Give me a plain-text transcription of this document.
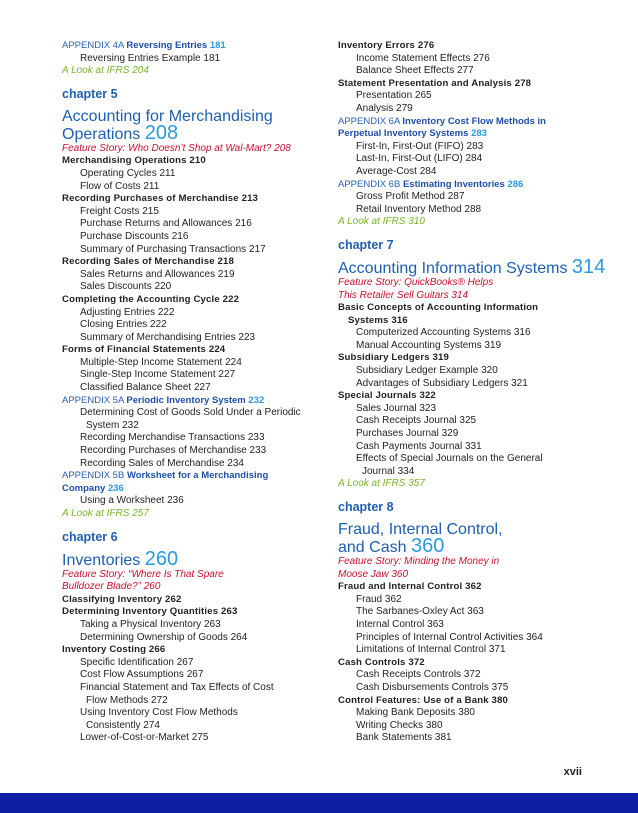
APPENDIX 4A Reversing Entries 181
Reversing Entries Example 181
A Look at IFRS 204
chapter 5
Accounting for Merchandising
Operations 208
Feature Story: Who Doesn’t Shop at Wal-Mart? 208
Merchandising Operations 210
Operating Cycles 211
Flow of Costs 211
Recording Purchases of Merchandise 213
Freight Costs 215
Purchase Returns and Allowances 216
Purchase Discounts 216
Summary of Purchasing Transactions 217
Recording Sales of Merchandise 218
Sales Returns and Allowances 219
Sales Discounts 220
Completing the Accounting Cycle 222
Adjusting Entries 222
Closing Entries 222
Summary of Merchandising Entries 223
Forms of Financial Statements 224
Multiple-Step Income Statement 224
Single-Step Income Statement 227
Classified Balance Sheet 227
APPENDIX 5A Periodic Inventory System 232
Determining Cost of Goods Sold Under a Periodic
System 232
Recording Merchandise Transactions 233
Recording Purchases of Merchandise 233
Recording Sales of Merchandise 234
APPENDIX 5B Worksheet for a Merchandising
Company 236
Using a Worksheet 236
A Look at IFRS 257
chapter 6
Inventories 260
Feature Story: “Where Is That Spare
Bulldozer Blade?” 260
Classifying Inventory 262
Determining Inventory Quantities 263
Taking a Physical Inventory 263
Determining Ownership of Goods 264
Inventory Costing 266
Specific Identification 267
Cost Flow Assumptions 267
Financial Statement and Tax Effects of Cost
Flow Methods 272
Using Inventory Cost Flow Methods
Consistently 274
Lower-of-Cost-or-Market 275
Inventory Errors 276
Income Statement Effects 276
Balance Sheet Effects 277
Statement Presentation and Analysis 278
Presentation 265
Analysis 279
APPENDIX 6A Inventory Cost Flow Methods in
Perpetual Inventory Systems 283
First-In, First-Out (FIFO) 283
Last-In, First-Out (LIFO) 284
Average-Cost 284
APPENDIX 6B Estimating Inventories 286
Gross Profit Method 287
Retail Inventory Method 288
A Look at IFRS 310
chapter 7
Accounting Information Systems 314
Feature Story: QuickBooks® Helps
This Retailer Sell Guitars 314
Basic Concepts of Accounting Information
Systems 316
Computerized Accounting Systems 316
Manual Accounting Systems 319
Subsidiary Ledgers 319
Subsidiary Ledger Example 320
Advantages of Subsidiary Ledgers 321
Special Journals 322
Sales Journal 323
Cash Receipts Journal 325
Purchases Journal 329
Cash Payments Journal 331
Effects of Special Journals on the General
Journal 334
A Look at IFRS 357
chapter 8
Fraud, Internal Control,
and Cash 360
Feature Story: Minding the Money in
Moose Jaw 360
Fraud and Internal Control 362
Fraud 362
The Sarbanes-Oxley Act 363
Internal Control 363
Principles of Internal Control Activities 364
Limitations of Internal Control 371
Cash Controls 372
Cash Receipts Controls 372
Cash Disbursements Controls 375
Control Features: Use of a Bank 380
Making Bank Deposits 380
Writing Checks 380
Bank Statements 381
xvii
